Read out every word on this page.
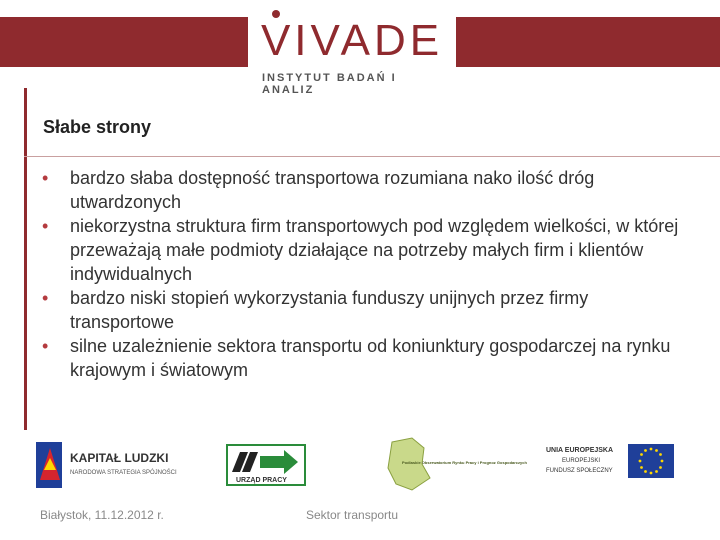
VIVADE
INSTYTUT BADAŃ I ANALIZ
Słabe strony
• bardzo słaba dostępność transportowa rozumiana nako ilość dróg utwardzonych
• niekorzystna struktura firm transportowych pod względem wielkości, w której przeważają małe podmioty działające na potrzeby małych firm i klientów indywidualnych
• bardzo niski stopień wykorzystania funduszy unijnych przez firmy transportowe
• silne uzależnienie sektora transportu od koniunktury gospodarczej na rynku krajowym i światowym
KAPITAŁ LUDZKI
NARODOWA STRATEGIA SPÓJNOŚCI
URZĄD PRACY
Podlaskie Obserwatorium Rynku Pracy i Prognoz Gospodarczych
UNIA EUROPEJSKA
EUROPEJSKI
FUNDUSZ SPOŁECZNY
Białystok, 11.12.2012 r.	Sektor transportu
